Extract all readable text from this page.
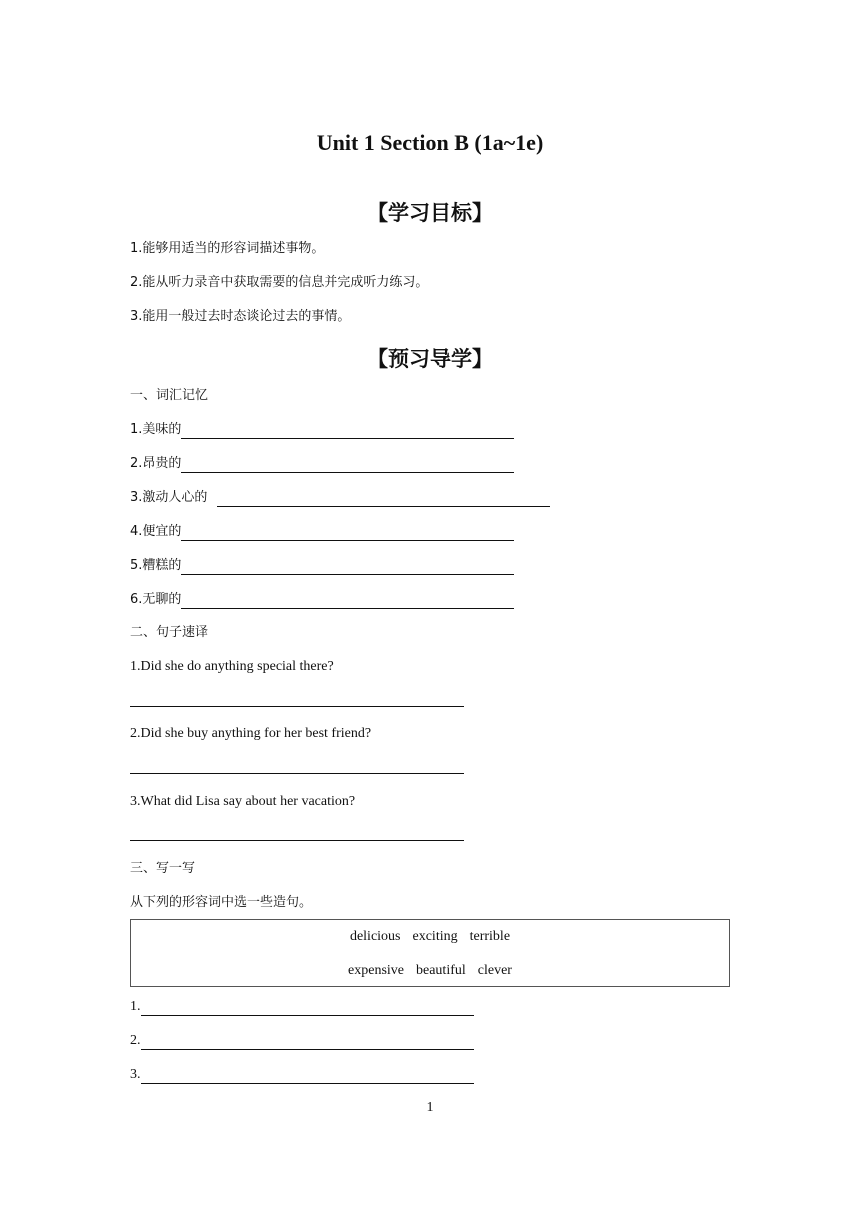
Unit 1 Section B (1a~1e)
【学习目标】
1.能够用适当的形容词描述事物。
2.能从听力录音中获取需要的信息并完成听力练习。
3.能用一般过去时态谈论过去的事情。
【预习导学】
一、词汇记忆
1.美味的
2.昂贵的
3.激动人心的
4.便宜的
5.糟糕的
6.无聊的
二、句子速译
1.Did she do anything special there?
2.Did she buy anything for her best friend?
3.What did Lisa say about her vacation?
三、写一写
从下列的形容词中选一些造句。
delicious exciting terrible
expensive beautiful clever
1.
2.
3.
1
